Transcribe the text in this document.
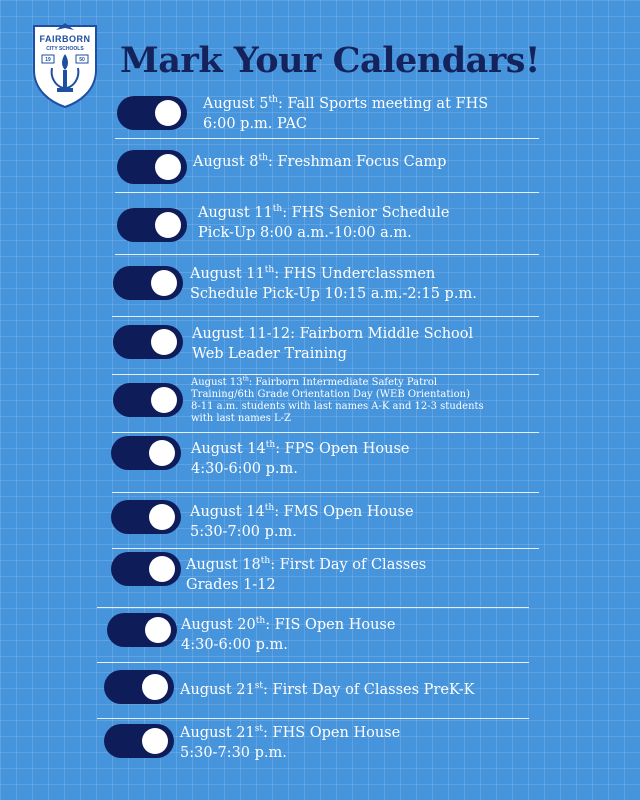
FAIRBORN
CITY SCHOOLS
19	50 Mark Your Calendars!
August 5th: Fall Sports meeting at FHS
6:00 p.m. PAC
August 8th: Freshman Focus Camp
August 11th: FHS Senior Schedule
Pick-Up 8:00 a.m.-10:00 a.m.
August 11th: FHS Underclassmen
Schedule Pick-Up 10:15 a.m.-2:15 p.m.
August 11-12: Fairborn Middle School
Web Leader Training
August 13th: Fairborn Intermediate Safety Patrol
Training/6th Grade Orientation Day (WEB Orientation)
8-11 a.m. students with last names A-K and 12-3 students
with last names L-Z
August 14th: FPS Open House
4:30-6:00 p.m.
August 14th: FMS Open House
5:30-7:00 p.m.
August 18th: First Day of Classes
Grades 1-12
August 20th: FIS Open House
4:30-6:00 p.m.
August 21st: First Day of Classes PreK-K
August 21st: FHS Open House
5:30-7:30 p.m.
